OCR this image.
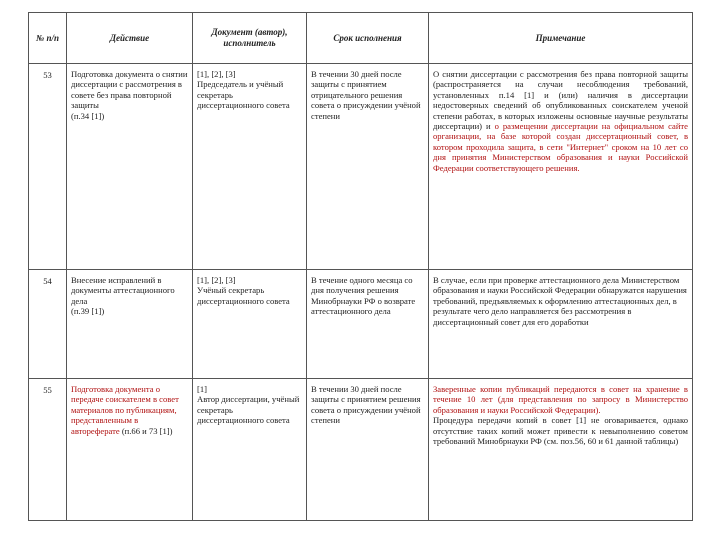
№ п/п	Действие	Документ (автор), исполнитель	Срок исполнения	Примечание
53	Подготовка документа о снятии диссертации с рассмотрения в совете без права повторной защиты
(п.34 [1])	[1], [2], [3]
Председатель и учёный секретарь диссертационного совета	В течении 30 дней после защиты с принятием отрицательного решения совета о присуждении учёной степени	О снятии диссертации с рассмотрения без права повторной защиты (распространяется на случаи несоблюдения требований, установленных п.14 [1] и (или) наличия в диссертации недостоверных сведений об опубликованных соискателем ученой степени работах, в которых изложены основные научные результаты диссертации) и о размещении диссертации на официальном сайте организации, на базе которой создан диссертационный совет, в котором проходила защита, в сети "Интернет" сроком на 10 лет со дня принятия Министерством образования и науки Российской Федерации соответствующего решения.
54	Внесение исправлений в документы аттестационного дела
(п.39 [1])	[1], [2], [3]
Учёный секретарь диссертационного совета	В течение одного месяца со дня получения решения Минобрнауки РФ о возврате аттестационного дела	В случае, если при проверке аттестационного дела Министерством образования и науки Российской Федерации обнаружатся нарушения требований, предъявляемых к оформлению аттестационных дел, в результате чего дело направляется без рассмотрения в диссертационный совет для его доработки
55	Подготовка документа о передаче соискателем в совет материалов по публикациям, представленным в автореферате (п.66 и 73 [1])	[1]
Автор диссертации, учёный секретарь диссертационного совета	В течении 30 дней после защиты с принятием решения совета о присуждении учёной степени	Заверенные копии публикаций передаются в совет на хранение в течение 10 лет (для представления по запросу в Министерство образования и науки Российской Федерации).
Процедура передачи копий в совет [1] не оговаривается, однако отсутствие таких копий может привести к невыполнению советом требований Минобрнауки РФ (см. поз.56, 60 и 61 данной таблицы)
